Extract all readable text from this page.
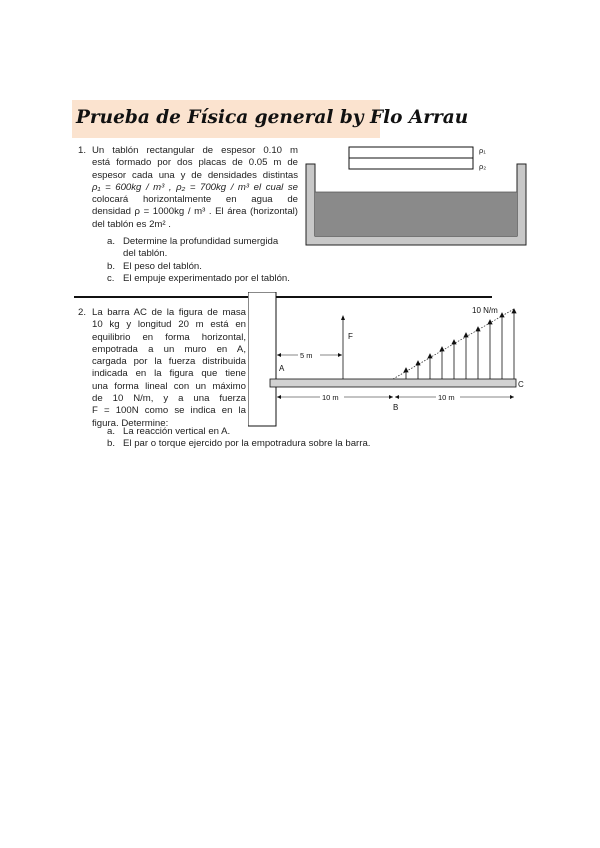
Prueba de Física general by Flo Arrau
1. Un tablón rectangular de espesor 0.10 m
está formado por dos placas de 0.05 m de
espesor cada una y de densidades distintas
ρ₁ = 600kg / m³ , ρ₂ = 700kg / m³ el cual se
colocará horizontalmente en agua de
densidad ρ = 1000kg / m³ . El área (horizontal)
del tablón es 2m² .
a. Determine la profundidad sumergida
del tablón.
b. El peso del tablón.
c. El empuje experimentado por el tablón.
ρ₁
ρ₂
2. La barra AC de la figura de masa
10 kg y longitud 20 m está en
equilibrio en forma horizontal,
empotrada a un muro en A,
cargada por la fuerza distribuida
indicada en la figura que tiene
una forma lineal con un máximo
de 10 N/m, y a una fuerza
F = 100N como se indica en la
figura. Determine:
a. La reacción vertical en A.
b. El par o torque ejercido por la empotradura sobre la barra.
10 N/m
F
5 m
A
C
10 m	10 m
B
